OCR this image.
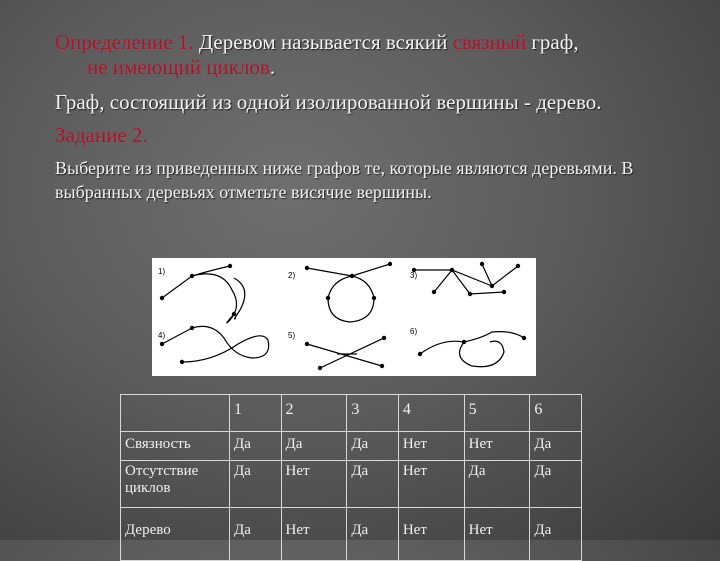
Определение 1. Деревом называется всякий связный граф,

не имеющий циклов.

Граф, состоящий из одной изолированной вершины - дерево.

Задание 2.
Выберите из приведенных ниже графов те, которые являются деревьями. В выбранных деревьях отметьте висячие вершины.
1)	2)	3)
4)	5)	6)
	1	2	3	4	5	6
Связность	Да	Да	Да	Нет	Нет	Да
Отсутствие циклов	Да	Нет	Да	Нет	Да	Да
Дерево	Да	Нет	Да	Нет	Нет	Да
